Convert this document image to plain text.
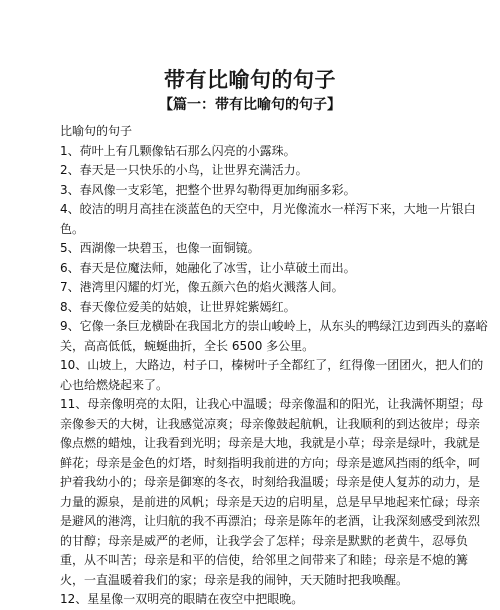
带有比喻句的句子
【篇一：带有比喻句的句子】

比喻句的句子

1、荷叶上有几颗像钻石那么闪亮的小露珠。

2、春天是一只快乐的小鸟，让世界充满活力。

3、春风像一支彩笔，把整个世界勾勒得更加绚丽多彩。

4、皎洁的明月高挂在淡蓝色的天空中，月光像流水一样泻下来，大地一片银白色。

5、西湖像一块碧玉，也像一面铜镜。

6、春天是位魔法师，她融化了冰雪，让小草破土而出。

7、港湾里闪耀的灯光，像五颜六色的焰火溅落人间。

8、春天像位爱美的姑娘，让世界姹紫嫣红。

9、它像一条巨龙横卧在我国北方的崇山峻岭上，从东头的鸭绿江边到西头的嘉峪关，高高低低，蜿蜒曲折，全长 6500 多公里。

10、山坡上，大路边，村子口，榛树叶子全都红了，红得像一团团火，把人们的心也给燃烧起来了。

11、母亲像明亮的太阳，让我心中温暖；母亲像温和的阳光，让我满怀期望；母亲像参天的大树，让我感觉凉爽；母亲像鼓起航帆，让我顺利的到达彼岸；母亲像点燃的蜡烛，让我看到光明；母亲是大地，我就是小草；母亲是绿叶，我就是鲜花；母亲是金色的灯塔，时刻指明我前进的方向；母亲是遮风挡雨的纸伞，呵护着我幼小的；母亲是御寒的冬衣，时刻给我温暖；母亲是使人复苏的动力，是力量的源泉，是前进的风帆；母亲是天边的启明星，总是早早地起来忙碌；母亲是避风的港湾，让归航的我不再漂泊；母亲是陈年的老酒，让我深刻感受到浓烈的甘醇；母亲是威严的老师，让我学会了怎样；母亲是默默的老黄牛，忍辱负重，从不叫苦；母亲是和平的信使，给邻里之间带来了和睦；母亲是不熄的篝火，一直温暖着我们的家；母亲是我的闹钟，天天随时把我唤醒。

12、星星像一双明亮的眼睛在夜空中把眼晚。
